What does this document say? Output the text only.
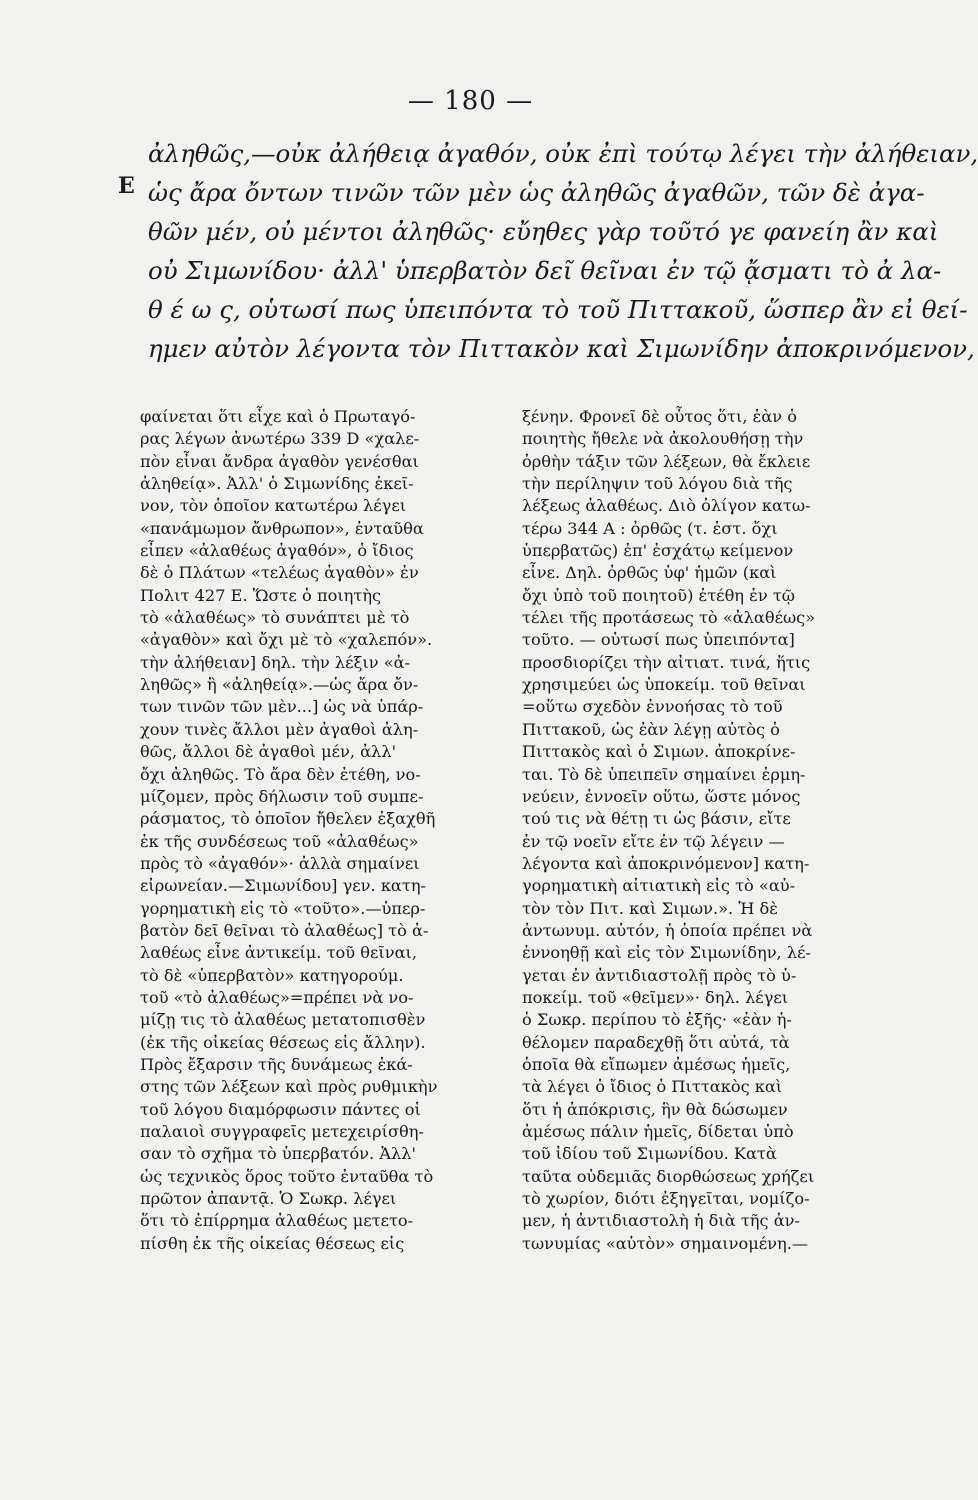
— 180 —
E
ἀληθῶς,—οὐκ ἀλήθειᾳ ἀγαθόν, οὐκ ἐπὶ τούτῳ λέγει τὴν ἀλήθειαν,
ὡς ἄρα ὄντων τινῶν τῶν μὲν ὡς ἀληθῶς ἀγαθῶν, τῶν δὲ ἀγα-
θῶν μέν, οὐ μέντοι ἀληθῶς· εὔηθες γὰρ τοῦτό γε φανείη ἂν καὶ
οὐ Σιμωνίδου· ἀλλ' ὑπερβατὸν δεῖ θεῖναι ἐν τῷ ᾄσματι τὸ ἀ λα-
θ έ ω ς, οὑτωσί πως ὑπειπόντα τὸ τοῦ Πιττακοῦ, ὥσπερ ἂν εἰ θεί-
ημεν αὐτὸν λέγοντα τὸν Πιττακὸν καὶ Σιμωνίδην ἀποκρινόμενον,
φαίνεται ὅτι εἶχε καὶ ὁ Πρωταγό-
ρας λέγων ἀνωτέρω 339 D «χαλε-
πὸν εἶναι ἄνδρα ἀγαθὸν γενέσθαι
ἀληθείᾳ». Ἀλλ' ὁ Σιμωνίδης ἐκεῖ-
νον, τὸν ὁποῖον κατωτέρω λέγει
«πανάμωμον ἄνθρωπον», ἐνταῦθα
εἶπεν «ἀλαθέως ἀγαθόν», ὁ ἴδιος
δὲ ὁ Πλάτων «τελέως ἀγαθὸν» ἐν
Πολιτ 427 Ε. Ὥστε ὁ ποιητὴς
τὸ «ἀλαθέως» τὸ συνάπτει μὲ τὸ
«ἀγαθὸν» καὶ ὄχι μὲ τὸ «χαλεπόν».
τὴν ἀλήθειαν] δηλ. τὴν λέξιν «ἀ-
ληθῶς» ἢ «ἀληθείᾳ».—ὡς ἄρα ὄν-
των τινῶν τῶν μὲν...] ὡς νὰ ὑπάρ-
χουν τινὲς ἄλλοι μὲν ἀγαθοὶ ἀλη-
θῶς, ἄλλοι δὲ ἀγαθοὶ μέν, ἀλλ'
ὄχι ἀληθῶς. Τὸ ἄρα δὲν ἐτέθη, νο-
μίζομεν, πρὸς δήλωσιν τοῦ συμπε-
ράσματος, τὸ ὁποῖον ἤθελεν ἐξαχθῆ
ἐκ τῆς συνδέσεως τοῦ «ἀλαθέως»
πρὸς τὸ «ἀγαθόν»· ἀλλὰ σημαίνει
εἰρωνείαν.—Σιμωνίδου] γεν. κατη-
γορηματικὴ εἰς τὸ «τοῦτο».—ὑπερ-
βατὸν δεῖ θεῖναι τὸ ἀλαθέως] τὸ ἀ-
λαθέως εἶνε ἀντικείμ. τοῦ θεῖναι,
τὸ δὲ «ὑπερβατὸν» κατηγορούμ.
τοῦ «τὸ ἀλαθέως»=πρέπει νὰ νο-
μίζῃ τις τὸ ἀλαθέως μετατοπισθὲν
(ἐκ τῆς οἰκείας θέσεως εἰς ἄλλην).
Πρὸς ἔξαρσιν τῆς δυνάμεως ἑκά-
στης τῶν λέξεων καὶ πρὸς ρυθμικὴν
τοῦ λόγου διαμόρφωσιν πάντες οἱ
παλαιοὶ συγγραφεῖς μετεχειρίσθη-
σαν τὸ σχῆμα τὸ ὑπερβατόν. Ἀλλ'
ὡς τεχνικὸς ὅρος τοῦτο ἐνταῦθα τὸ
πρῶτον ἀπαντᾷ. Ὁ Σωκρ. λέγει
ὅτι τὸ ἐπίρρημα ἀλαθέως μετετο-
πίσθη ἐκ τῆς οἰκείας θέσεως εἰς
ξένην. Φρονεῖ δὲ οὗτος ὅτι, ἐὰν ὁ
ποιητὴς ἤθελε νὰ ἀκολουθήσῃ τὴν
ὀρθὴν τάξιν τῶν λέξεων, θὰ ἔκλειε
τὴν περίληψιν τοῦ λόγου διὰ τῆς
λέξεως ἀλαθέως. Διὸ ὀλίγον κατω-
τέρω 344 Α : ὀρθῶς (τ. ἐστ. ὄχι
ὑπερβατῶς) ἐπ' ἐσχάτῳ κείμενον
εἶνε. Δηλ. ὀρθῶς ὑφ' ἡμῶν (καὶ
ὄχι ὑπὸ τοῦ ποιητοῦ) ἐτέθη ἐν τῷ
τέλει τῆς προτάσεως τὸ «ἀλαθέως»
τοῦτο. — οὑτωσί πως ὑπειπόντα]
προσδιορίζει τὴν αἰτιατ. τινά, ἥτις
χρησιμεύει ὡς ὑποκείμ. τοῦ θεῖναι
=οὕτω σχεδὸν ἐννοήσας τὸ τοῦ
Πιττακοῦ, ὡς ἐὰν λέγῃ αὐτὸς ὁ
Πιττακὸς καὶ ὁ Σιμων. ἀποκρίνε-
ται. Τὸ δὲ ὑπειπεῖν σημαίνει ἑρμη-
νεύειν, ἐννοεῖν οὕτω, ὥστε μόνος
τού τις νὰ θέτῃ τι ὡς βάσιν, εἴτε
ἐν τῷ νοεῖν εἴτε ἐν τῷ λέγειν —
λέγοντα καὶ ἀποκρινόμενον] κατη-
γορηματικὴ αἰτιατικὴ εἰς τὸ «αὐ-
τὸν τὸν Πιτ. καὶ Σιμων.». Ἡ δὲ
ἀντωνυμ. αὐτόν, ἡ ὁποία πρέπει νὰ
ἐννοηθῇ καὶ εἰς τὸν Σιμωνίδην, λέ-
γεται ἐν ἀντιδιαστολῇ πρὸς τὸ ὑ-
ποκείμ. τοῦ «θεῖμεν»· δηλ. λέγει
ὁ Σωκρ. περίπου τὸ ἑξῆς· «ἐὰν ἡ-
θέλομεν παραδεχθῇ ὅτι αὐτά, τὰ
ὁποῖα θὰ εἴπωμεν ἀμέσως ἡμεῖς,
τὰ λέγει ὁ ἴδιος ὁ Πιττακὸς καὶ
ὅτι ἡ ἀπόκρισις, ἣν θὰ δώσωμεν
ἀμέσως πάλιν ἡμεῖς, δίδεται ὑπὸ
τοῦ ἰδίου τοῦ Σιμωνίδου. Κατὰ
ταῦτα οὐδεμιᾶς διορθώσεως χρήζει
τὸ χωρίον, διότι ἐξηγεῖται, νομίζο-
μεν, ἡ ἀντιδιαστολὴ ἡ διὰ τῆς ἀν-
τωνυμίας «αὐτὸν» σημαινομένη.—
